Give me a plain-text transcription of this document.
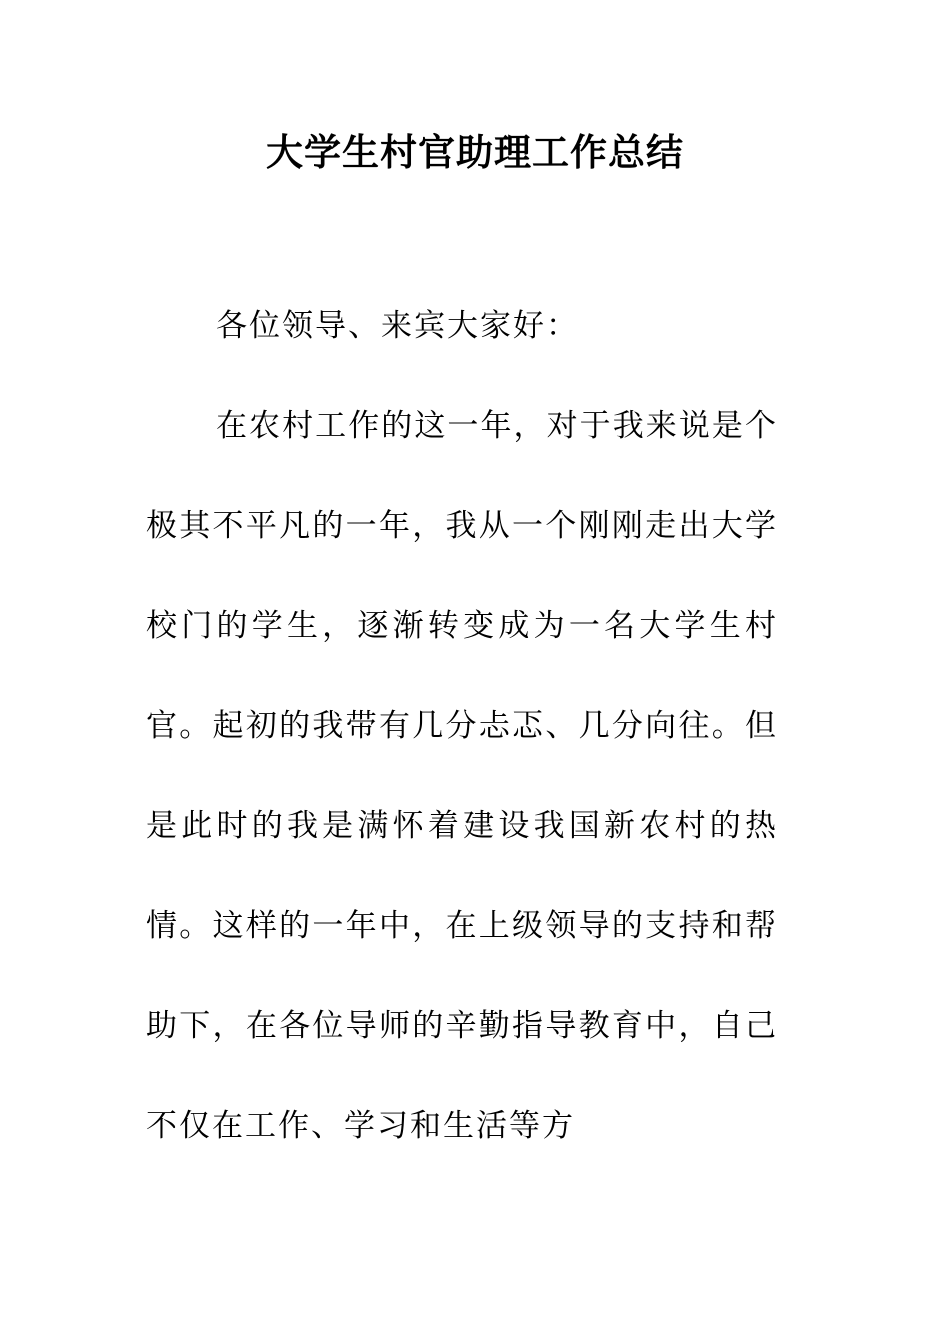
大学生村官助理工作总结

各位领导、来宾大家好：

在农村工作的这一年，对于我来说是个极其不平凡的一年，我从一个刚刚走出大学校门的学生，逐渐转变成为一名大学生村官。起初的我带有几分忐忑、几分向往。但是此时的我是满怀着建设我国新农村的热情。这样的一年中，在上级领导的支持和帮助下，在各位导师的辛勤指导教育中，自己不仅在工作、学习和生活等方
